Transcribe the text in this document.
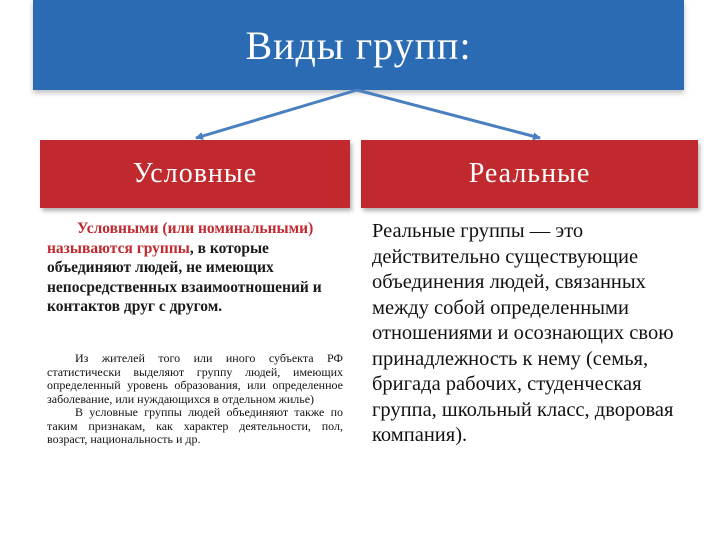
Виды групп:
Условные	Реальные

Условными (или номинальными) называются группы, в которые объединяют людей, не имеющих непосредственных взаимоотношений и контактов друг с другом.

Из жителей того или иного субъекта РФ статистически выделяют группу людей, имеющих определенный уровень образования, или определенное заболевание, или нуждающихся в отдельном жилье)

В условные группы людей объединяют также по таким признакам, как характер деятельности, пол, возраст, национальность и др.

Реальные группы — это действительно существующие объединения людей, связанных между собой определенными отношениями и осознающих свою принадлежность к нему (семья, бригада рабочих, студенческая группа, школьный класс, дворовая компания).
